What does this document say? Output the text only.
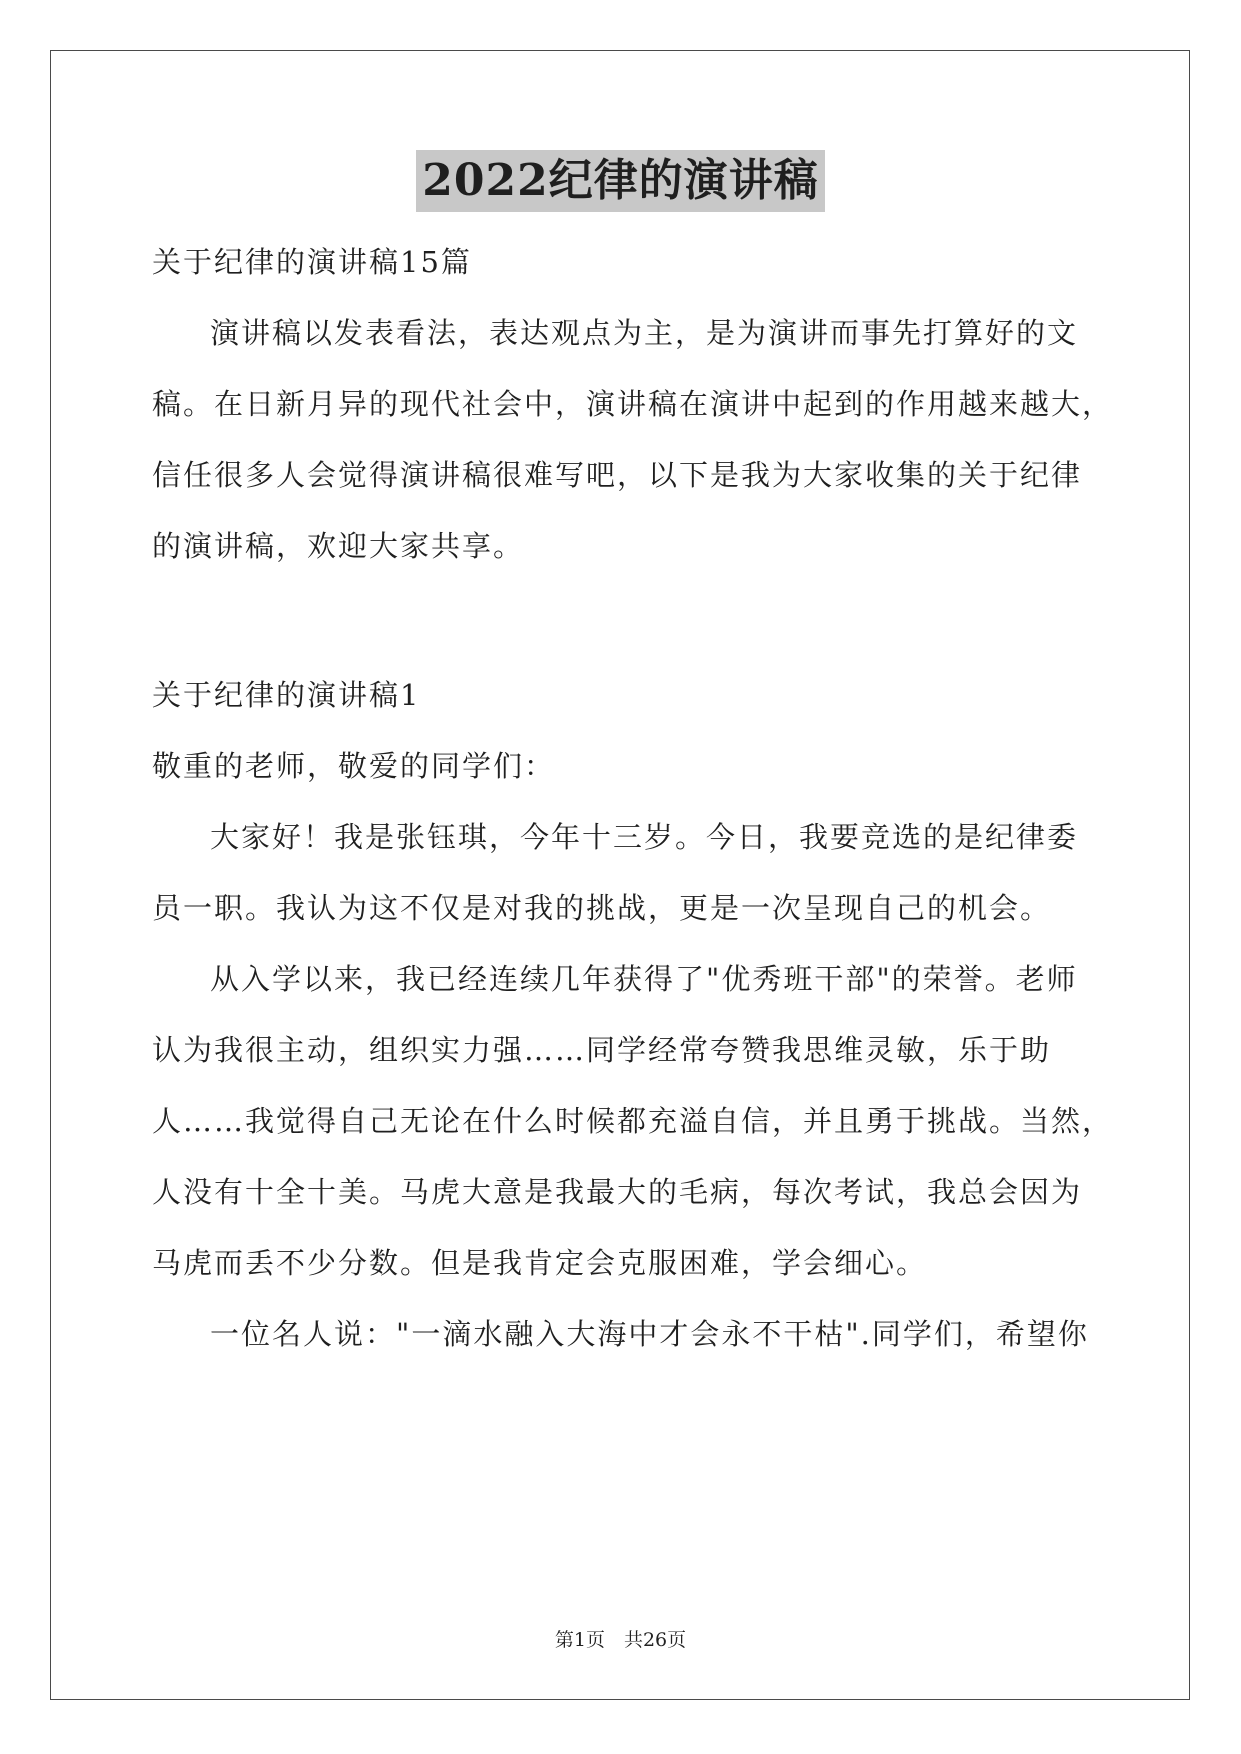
2022纪律的演讲稿
关于纪律的演讲稿15篇
演讲稿以发表看法，表达观点为主，是为演讲而事先打算好的文
稿。在日新月异的现代社会中，演讲稿在演讲中起到的作用越来越大，
信任很多人会觉得演讲稿很难写吧，以下是我为大家收集的关于纪律
的演讲稿，欢迎大家共享。
关于纪律的演讲稿1
敬重的老师，敬爱的同学们：
大家好！我是张钰琪，今年十三岁。今日，我要竞选的是纪律委
员一职。我认为这不仅是对我的挑战，更是一次呈现自己的机会。
从入学以来，我已经连续几年获得了"优秀班干部"的荣誉。老师
认为我很主动，组织实力强……同学经常夸赞我思维灵敏，乐于助
人……我觉得自己无论在什么时候都充溢自信，并且勇于挑战。当然，
人没有十全十美。马虎大意是我最大的毛病，每次考试，我总会因为
马虎而丢不少分数。但是我肯定会克服困难，学会细心。
一位名人说："一滴水融入大海中才会永不干枯".同学们，希望你
第1页　共26页
